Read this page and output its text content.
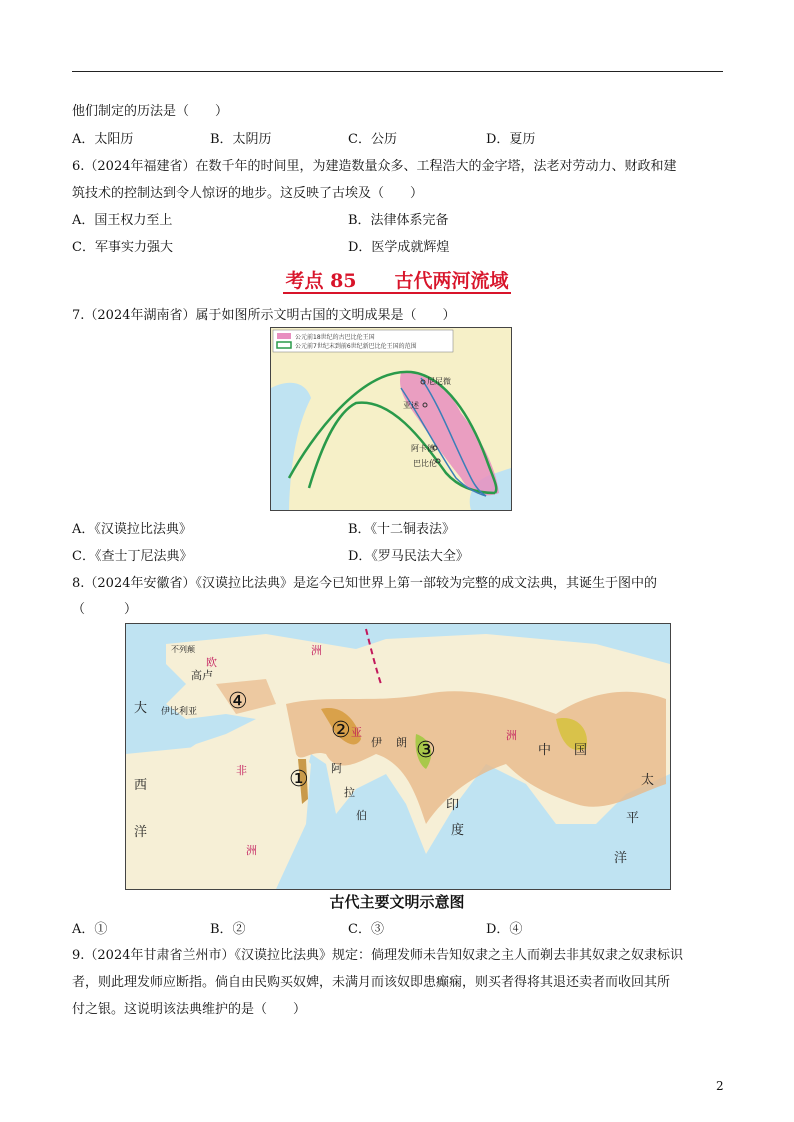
他们制定的历法是（　　）
A．太阳历	B．太阴历	C．公历	D．夏历
6.（2024年福建省）在数千年的时间里，为建造数量众多、工程浩大的金字塔，法老对劳动力、财政和建
筑技术的控制达到令人惊讶的地步。这反映了古埃及（　　）
A．国王权力至上	B．法律体系完备
C．军事实力强大	D．医学成就辉煌
考点 85　　古代两河流域
7.（2024年湖南省）属于如图所示文明古国的文明成果是（　　）
公元前18世纪的古巴比伦王国
公元前7世纪末到前6世纪新巴比伦王国的范围
尼尼微
亚述
阿卡德
巴比伦
A．《汉谟拉比法典》	B．《十二铜表法》
C．《查士丁尼法典》	D．《罗马民法大全》
8.（2024年安徽省）《汉谟拉比法典》是迄今已知世界上第一部较为完整的成文法典，其诞生于图中的
（　　　）
不列颠
高卢
欧
伊比利亚
洲
亚
伊 朗
阿
拉
伯
非
洲
印
度
中 国
大
西
洋
太
平
洋
洲
④
②
③
①
古代主要文明示意图
A．①	B．②	C．③	D．④
9.（2024年甘肃省兰州市）《汉谟拉比法典》规定：倘理发师未告知奴隶之主人而剃去非其奴隶之奴隶标识
者，则此理发师应断指。倘自由民购买奴婢，未满月而该奴即患癫痫，则买者得将其退还卖者而收回其所
付之银。这说明该法典维护的是（　　）
2
